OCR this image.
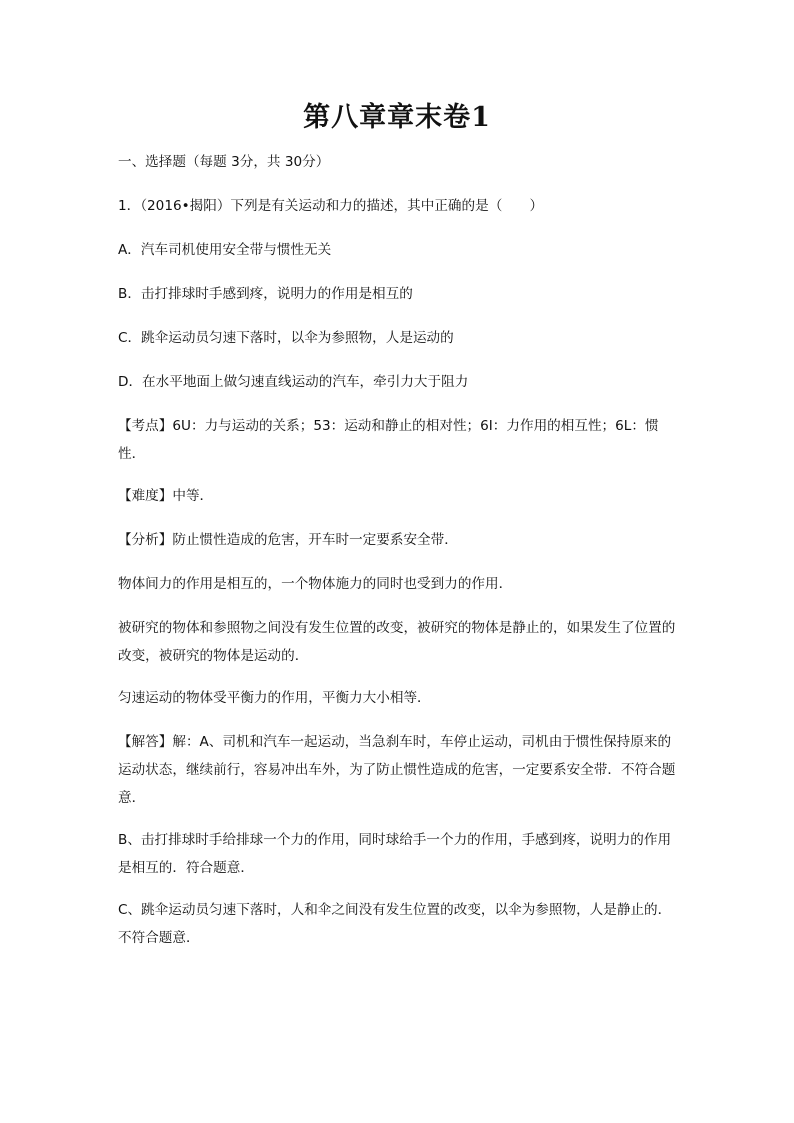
第八章章末卷1
一、选择题（每题 3分，共 30分）
1．（2016•揭阳）下列是有关运动和力的描述，其中正确的是（　　）
A．汽车司机使用安全带与惯性无关
B．击打排球时手感到疼，说明力的作用是相互的
C．跳伞运动员匀速下落时，以伞为参照物，人是运动的
D．在水平地面上做匀速直线运动的汽车，牵引力大于阻力
【考点】6U：力与运动的关系；53：运动和静止的相对性；6I：力作用的相互性；6L：惯性．
【难度】中等．
【分析】防止惯性造成的危害，开车时一定要系安全带．
物体间力的作用是相互的，一个物体施力的同时也受到力的作用．
被研究的物体和参照物之间没有发生位置的改变，被研究的物体是静止的，如果发生了位置的改变，被研究的物体是运动的．
匀速运动的物体受平衡力的作用，平衡力大小相等．
【解答】解：A、司机和汽车一起运动，当急刹车时，车停止运动，司机由于惯性保持原来的运动状态，继续前行，容易冲出车外，为了防止惯性造成的危害，一定要系安全带．不符合题意．
B、击打排球时手给排球一个力的作用，同时球给手一个力的作用，手感到疼，说明力的作用是相互的．符合题意．
C、跳伞运动员匀速下落时，人和伞之间没有发生位置的改变，以伞为参照物，人是静止的．不符合题意．
